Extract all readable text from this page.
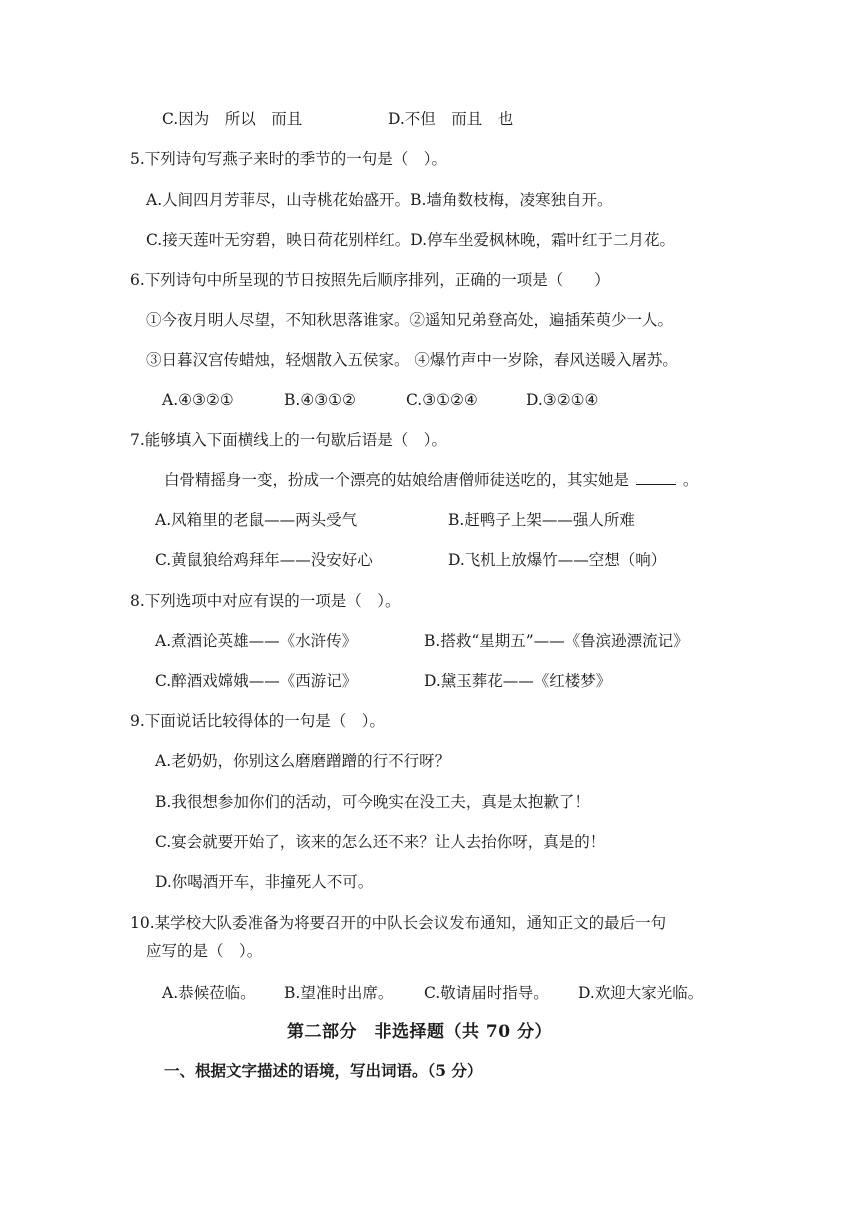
C.因为　所以　而且	D.不但　而且　也
5.下列诗句写燕子来时的季节的一句是（　）。
A.人间四月芳菲尽，山寺桃花始盛开。B.墙角数枝梅，凌寒独自开。
C.接天莲叶无穷碧，映日荷花别样红。D.停车坐爱枫林晚，霜叶红于二月花。
6.下列诗句中所呈现的节日按照先后顺序排列，正确的一项是（　　）
①今夜月明人尽望，不知秋思落谁家。②遥知兄弟登高处，遍插茱萸少一人。
③日暮汉宫传蜡烛，轻烟散入五侯家。 ④爆竹声中一岁除，春风送暖入屠苏。
A.④③②①	B.④③①②	C.③①②④	D.③②①④
7.能够填入下面横线上的一句歇后语是（　）。
白骨精摇身一变，扮成一个漂亮的姑娘给唐僧师徒送吃的，其实她是	。
A.风箱里的老鼠——两头受气	B.赶鸭子上架——强人所难
C.黄鼠狼给鸡拜年——没安好心	D.飞机上放爆竹——空想（响）
8.下列选项中对应有误的一项是（　）。
A.煮酒论英雄——《水浒传》	B.搭救“星期五”——《鲁滨逊漂流记》
C.醉酒戏嫦娥——《西游记》	D.黛玉葬花——《红楼梦》
9.下面说话比较得体的一句是（　）。
A.老奶奶，你别这么磨磨蹭蹭的行不行呀？
B.我很想参加你们的活动，可今晚实在没工夫，真是太抱歉了！
C.宴会就要开始了，该来的怎么还不来？让人去抬你呀，真是的！
D.你喝酒开车，非撞死人不可。
10.某学校大队委准备为将要召开的中队长会议发布通知，通知正文的最后一句
应写的是（　）。
A.恭候莅临。 B.望准时出席。 C.敬请届时指导。 D.欢迎大家光临。
第二部分　非选择题（共 70 分）
一、根据文字描述的语境，写出词语。（5 分）
